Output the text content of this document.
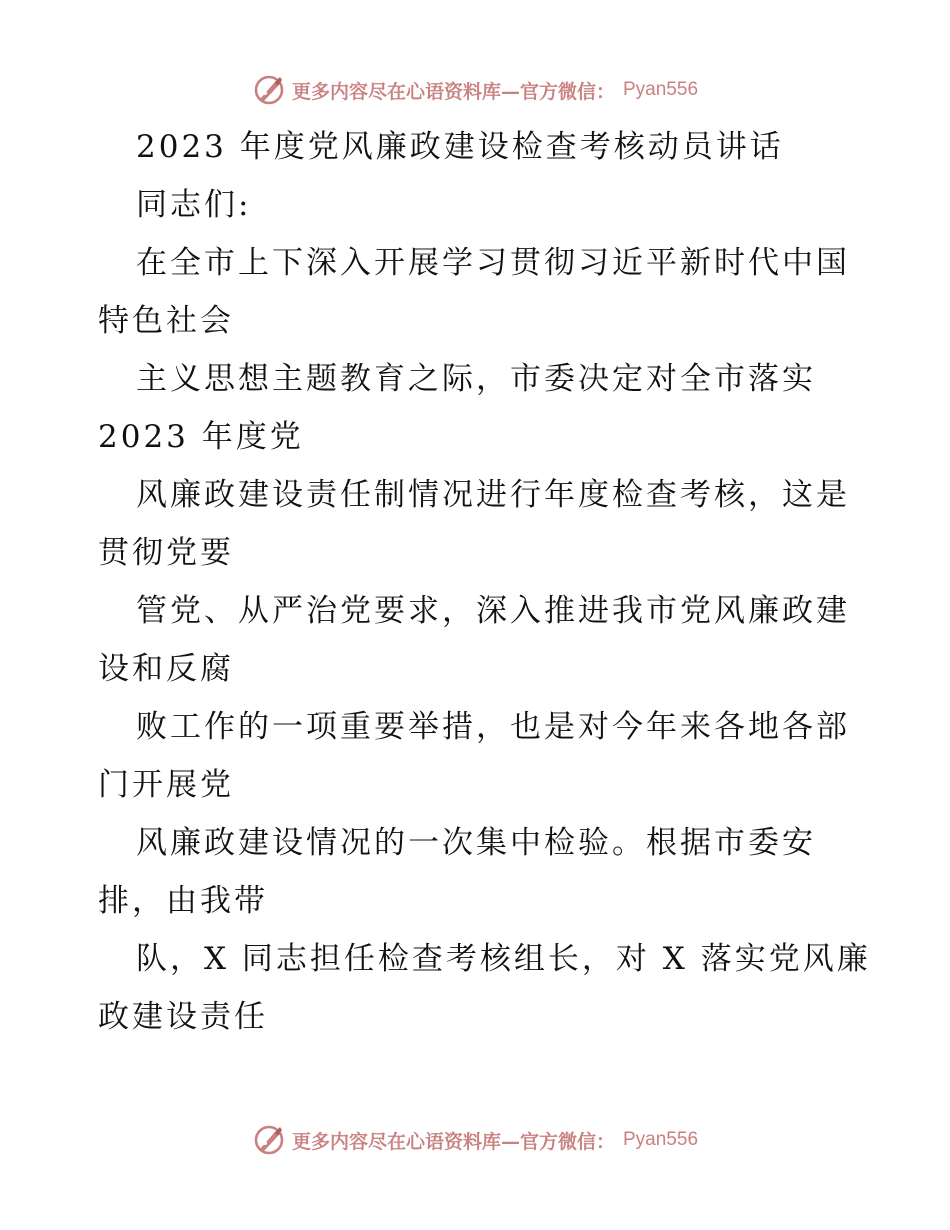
更多内容尽在心语资料库—官方微信： Pyan556
2023 年度党风廉政建设检查考核动员讲话
同志们:
在全市上下深入开展学习贯彻习近平新时代中国
特色社会
主义思想主题教育之际，市委决定对全市落实
2023 年度党
风廉政建设责任制情况进行年度检查考核，这是
贯彻党要
管党、从严治党要求，深入推进我市党风廉政建
设和反腐
败工作的一项重要举措，也是对今年来各地各部
门开展党
风廉政建设情况的一次集中检验。根据市委安
排，由我带
队，X 同志担任检查考核组长，对 X 落实党风廉
政建设责任
更多内容尽在心语资料库—官方微信： Pyan556
